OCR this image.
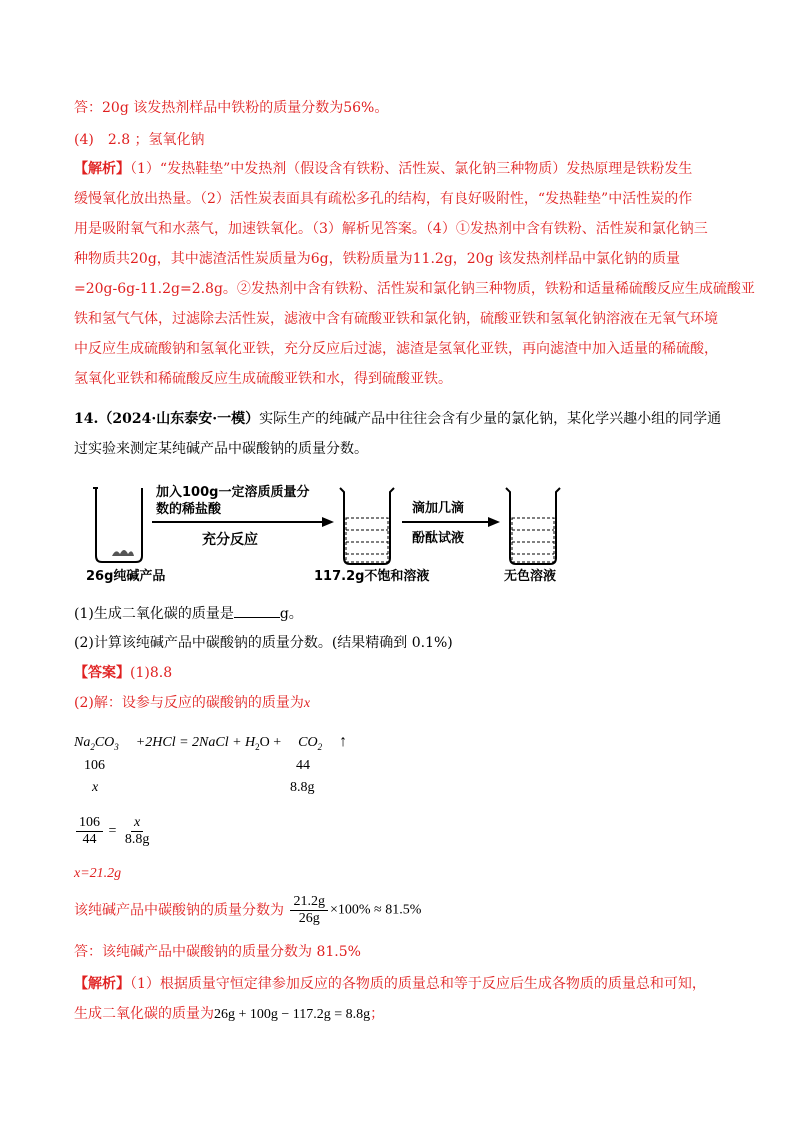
答：20g 该发热剂样品中铁粉的质量分数为56%。
(4)　2.8 ；氢氧化钠
【解析】（1）“发热鞋垫”中发热剂（假设含有铁粉、活性炭、氯化钠三种物质）发热原理是铁粉发生
缓慢氧化放出热量。（2）活性炭表面具有疏松多孔的结构，有良好吸附性，“发热鞋垫”中活性炭的作
用是吸附氧气和水蒸气，加速铁氧化。（3）解析见答案。（4）①发热剂中含有铁粉、活性炭和氯化钠三
种物质共20g，其中滤渣活性炭质量为6g，铁粉质量为11.2g，20g 该发热剂样品中氯化钠的质量
=20g-6g-11.2g=2.8g。②发热剂中含有铁粉、活性炭和氯化钠三种物质，铁粉和适量稀硫酸反应生成硫酸亚
铁和氢气气体，过滤除去活性炭，滤液中含有硫酸亚铁和氯化钠，硫酸亚铁和氢氧化钠溶液在无氧气环境
中反应生成硫酸钠和氢氧化亚铁，充分反应后过滤，滤渣是氢氧化亚铁，再向滤渣中加入适量的稀硫酸，
氢氧化亚铁和稀硫酸反应生成硫酸亚铁和水，得到硫酸亚铁。
14.（2024·山东泰安·一模）实际生产的纯碱产品中往往会含有少量的氯化钠，某化学兴趣小组的同学通
过实验来测定某纯碱产品中碳酸钠的质量分数。
加入100g一定溶质质量分
数的稀盐酸
充分反应
滴加几滴
酚酞试液
26g纯碱产品	117.2g不饱和溶液	无色溶液
(1)生成二氧化碳的质量是	g。
(2)计算该纯碱产品中碳酸钠的质量分数。(结果精确到 0.1%)
【答案】(1)8.8
(2)解：设参与反应的碳酸钠的质量为x
$Na_2CO_3 +2HCl$ = 2NaCl + $H_2O + CO_2$ ↑
106	44
x	8.8g
$\frac{106}{44} = \frac{x}{8.8g}$
x=21.2g
该纯碱产品中碳酸钠的质量分数为 $\frac{21.2g}{26g} \times 100\% \approx 81.5\%$
答：该纯碱产品中碳酸钠的质量分数为 81.5%
【解析】（1）根据质量守恒定律参加反应的各物质的质量总和等于反应后生成各物质的质量总和可知，
生成二氧化碳的质量为26g + 100g − 117.2g = 8.8g；
